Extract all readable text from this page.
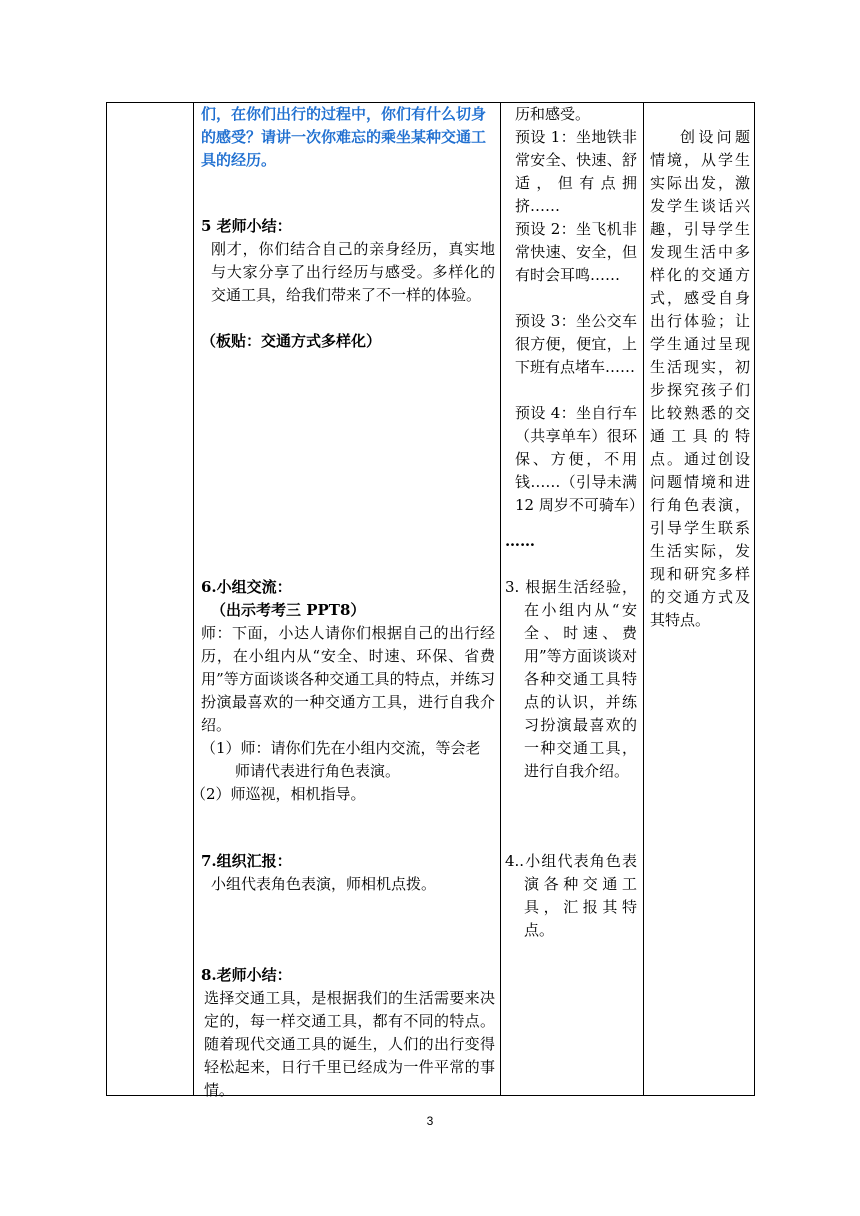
们，在你们出行的过程中，你们有什么切身的感受？请讲一次你难忘的乘坐某种交通工具的经历。
5 老师小结：
刚才，你们结合自己的亲身经历，真实地与大家分享了出行经历与感受。多样化的交通工具，给我们带来了不一样的体验。
（板贴：交通方式多样化）
6.小组交流：
（出示考考三 PPT8）
师：下面，小达人请你们根据自己的出行经历，在小组内从“安全、时速、环保、省费用”等方面谈谈各种交通工具的特点，并练习扮演最喜欢的一种交通方工具，进行自我介绍。
（1）师：请你们先在小组内交流，等会老师请代表进行角色表演。
（2）师巡视，相机指导。
7.组织汇报：
小组代表角色表演，师相机点拨。
8.老师小结：
选择交通工具，是根据我们的生活需要来决定的，每一样交通工具，都有不同的特点。随着现代交通工具的诞生，人们的出行变得轻松起来，日行千里已经成为一件平常的事情。

历和感受。
预设 1：坐地铁非常安全、快速、舒适，但有点拥挤……
预设 2：坐飞机非常快速、安全，但有时会耳鸣……
预设 3：坐公交车很方便，便宜，上下班有点堵车……
预设 4：坐自行车（共享单车）很环保、方便，不用钱……（引导未满 12 周岁不可骑车）
……
3. 根据生活经验，在小组内从“安全、时速、费用”等方面谈谈对各种交通工具特点的认识，并练习扮演最喜欢的一种交通工具，进行自我介绍。
4..小组代表角色表演各种交通工具，汇报其特点。

创设问题情境，从学生实际出发，激发学生谈话兴趣，引导学生发现生活中多样化的交通方式，感受自身出行体验；让学生通过呈现生活现实，初步探究孩子们比较熟悉的交通工具的特点。通过创设问题情境和进行角色表演，引导学生联系生活实际，发现和研究多样的交通方式及其特点。
3
